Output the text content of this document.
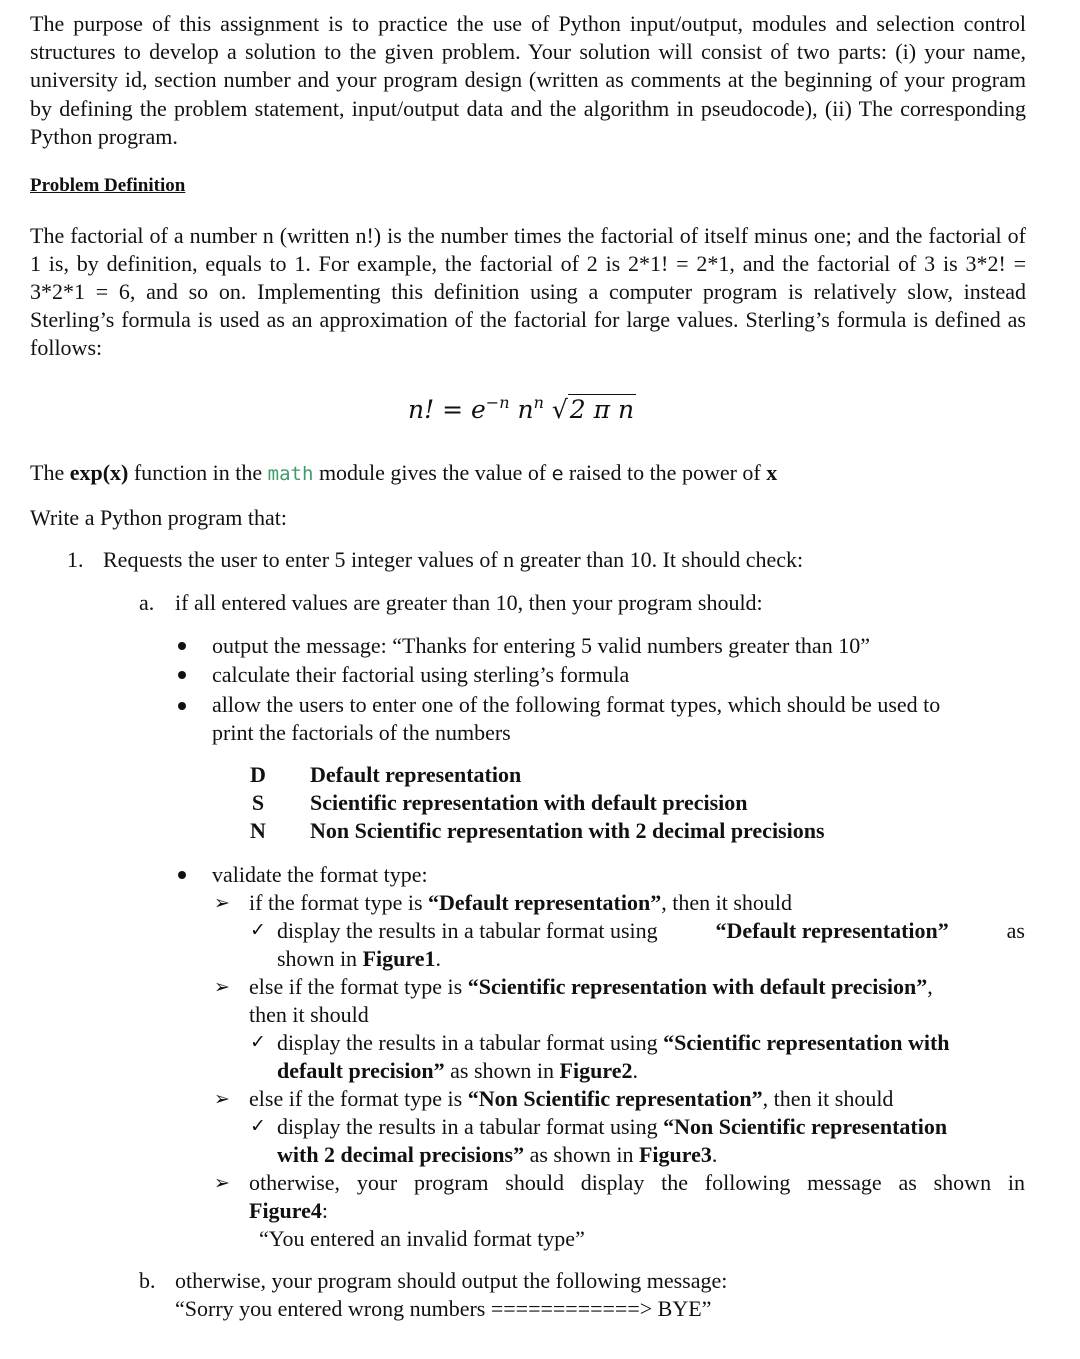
The purpose of this assignment is to practice the use of Python input/output, modules and selection control structures to develop a solution to the given problem. Your solution will consist of two parts: (i) your name, university id, section number and your program design (written as comments at the beginning of your program by defining the problem statement, input/output data and the algorithm in pseudocode), (ii) The corresponding Python program.
Problem Definition
The factorial of a number n (written n!) is the number times the factorial of itself minus one; and the factorial of 1 is, by definition, equals to 1. For example, the factorial of 2 is 2*1! = 2*1, and the factorial of 3 is 3*2! = 3*2*1 = 6, and so on. Implementing this definition using a computer program is relatively slow, instead Sterling’s formula is used as an approximation of the factorial for large values. Sterling’s formula is defined as follows:
n! = $e^{-n}$ $n^n$ √2 π n
The exp(x) function in the math module gives the value of e raised to the power of x
Write a Python program that:
1. Requests the user to enter 5 integer values of n greater than 10. It should check:
a. if all entered values are greater than 10, then your program should:
output the message: “Thanks for entering 5 valid numbers greater than 10”
calculate their factorial using sterling’s formula
allow the users to enter one of the following format types, which should be used to
print the factorials of the numbers
D Default representation
S Scientific representation with default precision
N Non Scientific representation with 2 decimal precisions
validate the format type:
➢ if the format type is “Default representation”, then it should
✓ display the results in a tabular format using	“Default representation”	as
shown in Figure1.
➢ else if the format type is “Scientific representation with default precision”,
then it should
✓ display the results in a tabular format using “Scientific representation with
default precision” as shown in Figure2.
➢ else if the format type is “Non Scientific representation”, then it should
✓ display the results in a tabular format using “Non Scientific representation
with 2 decimal precisions” as shown in Figure3.
➢ otherwise, your program should display the following message as shown in
Figure4:
“You entered an invalid format type”
b. otherwise, your program should output the following message:
“Sorry you entered wrong numbers ============> BYE”
